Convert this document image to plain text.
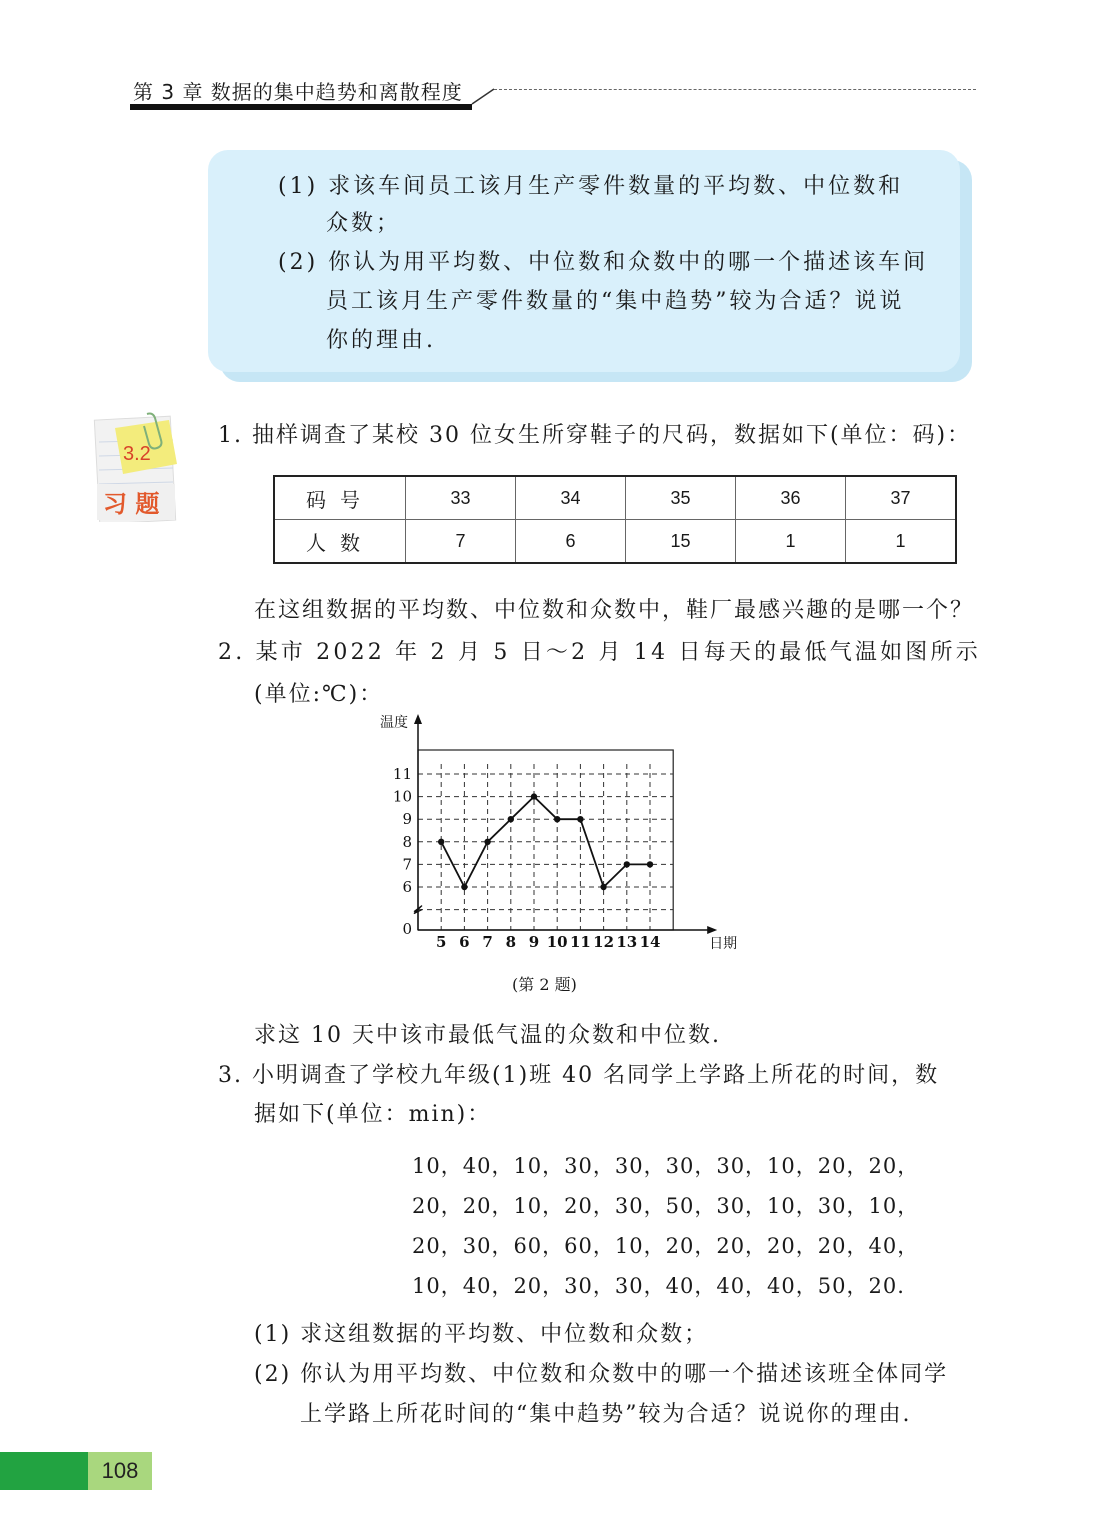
第 3 章 数据的集中趋势和离散程度
(1) 求该车间员工该月生产零件数量的平均数、中位数和
众数；
(2) 你认为用平均数、中位数和众数中的哪一个描述该车间
员工该月生产零件数量的“集中趋势”较为合适？说说
你的理由.
3.2
习 题
1. 抽样调查了某校 30 位女生所穿鞋子的尺码，数据如下(单位：码)：
码号	33	34	35	36	37
人数	7	6	15	1	1
在这组数据的平均数、中位数和众数中，鞋厂最感兴趣的是哪一个？
2. 某市 2022 年 2 月 5 日～2 月 14 日每天的最低气温如图所示
(单位:℃)：
0
6
7
8
9
10
11
5 6 7 8 9 10 11 12 13 14
温度
日期
(第 2 题)
求这 10 天中该市最低气温的众数和中位数.
3. 小明调查了学校九年级(1)班 40 名同学上学路上所花的时间，数
据如下(单位：min)：
10，40，10，30，30，30，30，10，20，20，
20，20，10，20，30，50，30，10，30，10，
20，30，60，60，10，20，20，20，20，40，
10，40，20，30，30，40，40，40，50，20.
(1) 求这组数据的平均数、中位数和众数；
(2) 你认为用平均数、中位数和众数中的哪一个描述该班全体同学
上学路上所花时间的“集中趋势”较为合适？说说你的理由.
108
